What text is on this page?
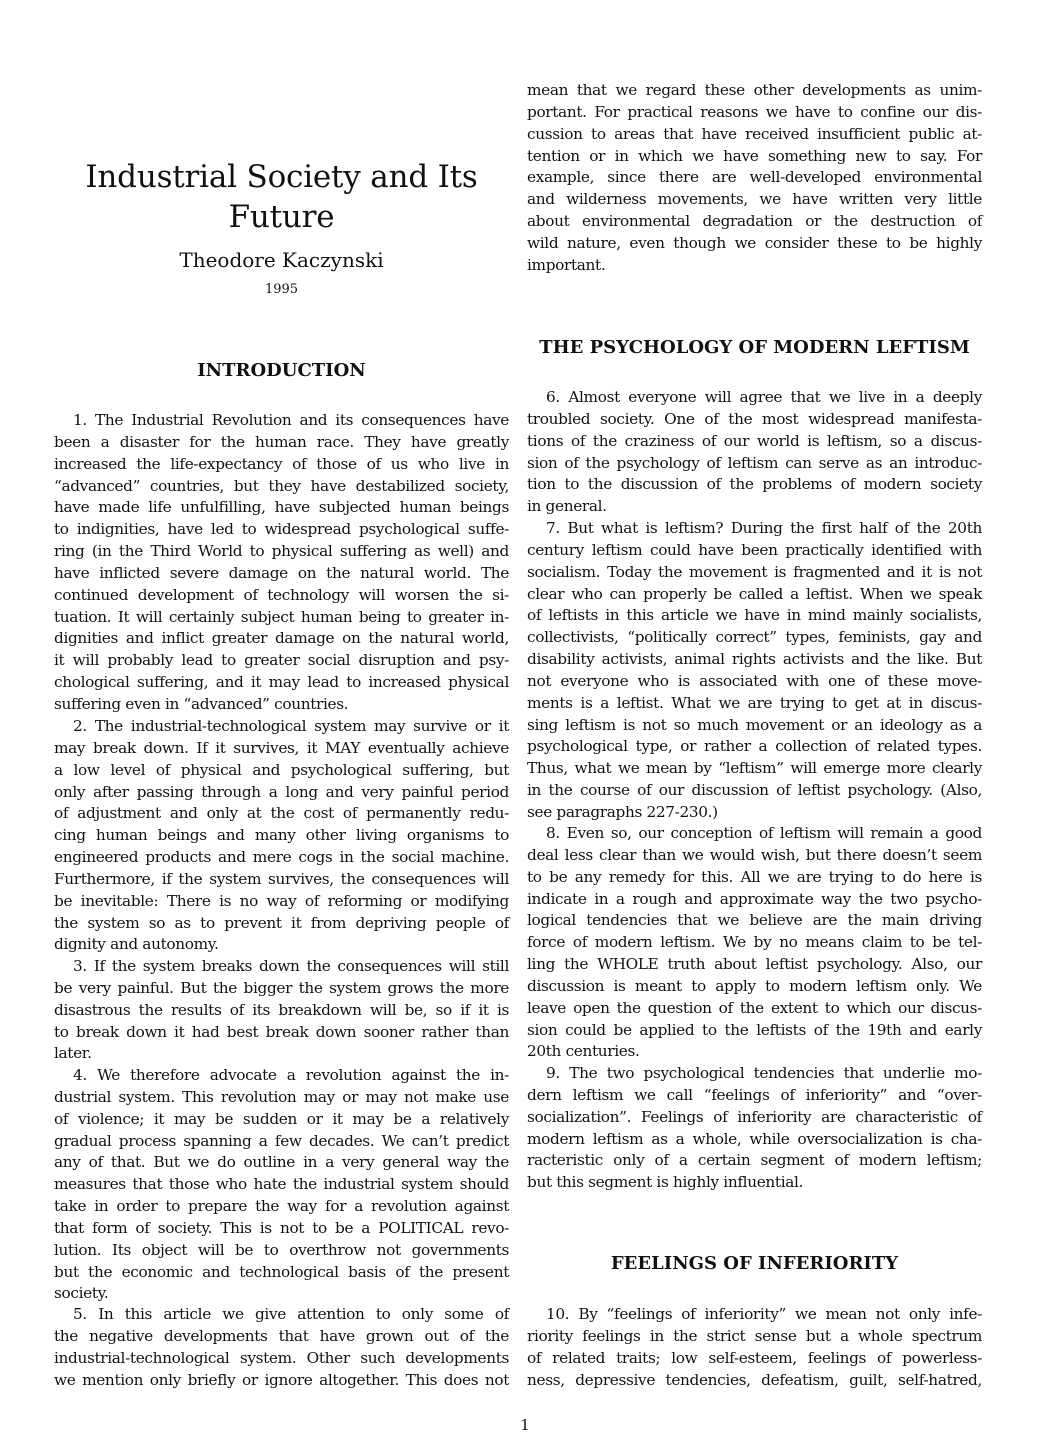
Industrial Society and Its Future
Theodore Kaczynski
1995
INTRODUCTION
1. The Industrial Revolution and its consequences have
been a disaster for the human race. They have greatly
increased the life-expectancy of those of us who live in
“advanced” countries, but they have destabilized society,
have made life unfulfilling, have subjected human beings
to indignities, have led to widespread psychological suffe-
ring (in the Third World to physical suffering as well) and
have inflicted severe damage on the natural world. The
continued development of technology will worsen the si-
tuation. It will certainly subject human being to greater in-
dignities and inflict greater damage on the natural world,
it will probably lead to greater social disruption and psy-
chological suffering, and it may lead to increased physical
suffering even in “advanced” countries.
2. The industrial-technological system may survive or it
may break down. If it survives, it MAY eventually achieve
a low level of physical and psychological suffering, but
only after passing through a long and very painful period
of adjustment and only at the cost of permanently redu-
cing human beings and many other living organisms to
engineered products and mere cogs in the social machine.
Furthermore, if the system survives, the consequences will
be inevitable: There is no way of reforming or modifying
the system so as to prevent it from depriving people of
dignity and autonomy.
3. If the system breaks down the consequences will still
be very painful. But the bigger the system grows the more
disastrous the results of its breakdown will be, so if it is
to break down it had best break down sooner rather than
later.
4. We therefore advocate a revolution against the in-
dustrial system. This revolution may or may not make use
of violence; it may be sudden or it may be a relatively
gradual process spanning a few decades. We can’t predict
any of that. But we do outline in a very general way the
measures that those who hate the industrial system should
take in order to prepare the way for a revolution against
that form of society. This is not to be a POLITICAL revo-
lution. Its object will be to overthrow not governments
but the economic and technological basis of the present
society.
5. In this article we give attention to only some of
the negative developments that have grown out of the
industrial-technological system. Other such developments
we mention only briefly or ignore altogether. This does not
mean that we regard these other developments as unim-
portant. For practical reasons we have to confine our dis-
cussion to areas that have received insufficient public at-
tention or in which we have something new to say. For
example, since there are well-developed environmental
and wilderness movements, we have written very little
about environmental degradation or the destruction of
wild nature, even though we consider these to be highly
important.
THE PSYCHOLOGY OF MODERN LEFTISM
6. Almost everyone will agree that we live in a deeply
troubled society. One of the most widespread manifesta-
tions of the craziness of our world is leftism, so a discus-
sion of the psychology of leftism can serve as an introduc-
tion to the discussion of the problems of modern society
in general.
7. But what is leftism? During the first half of the 20th
century leftism could have been practically identified with
socialism. Today the movement is fragmented and it is not
clear who can properly be called a leftist. When we speak
of leftists in this article we have in mind mainly socialists,
collectivists, “politically correct” types, feminists, gay and
disability activists, animal rights activists and the like. But
not everyone who is associated with one of these move-
ments is a leftist. What we are trying to get at in discus-
sing leftism is not so much movement or an ideology as a
psychological type, or rather a collection of related types.
Thus, what we mean by “leftism” will emerge more clearly
in the course of our discussion of leftist psychology. (Also,
see paragraphs 227-230.)
8. Even so, our conception of leftism will remain a good
deal less clear than we would wish, but there doesn’t seem
to be any remedy for this. All we are trying to do here is
indicate in a rough and approximate way the two psycho-
logical tendencies that we believe are the main driving
force of modern leftism. We by no means claim to be tel-
ling the WHOLE truth about leftist psychology. Also, our
discussion is meant to apply to modern leftism only. We
leave open the question of the extent to which our discus-
sion could be applied to the leftists of the 19th and early
20th centuries.
9. The two psychological tendencies that underlie mo-
dern leftism we call “feelings of inferiority” and “over-
socialization”. Feelings of inferiority are characteristic of
modern leftism as a whole, while oversocialization is cha-
racteristic only of a certain segment of modern leftism;
but this segment is highly influential.
FEELINGS OF INFERIORITY
10. By “feelings of inferiority” we mean not only infe-
riority feelings in the strict sense but a whole spectrum
of related traits; low self-esteem, feelings of powerless-
ness, depressive tendencies, defeatism, guilt, self-hatred,
1
